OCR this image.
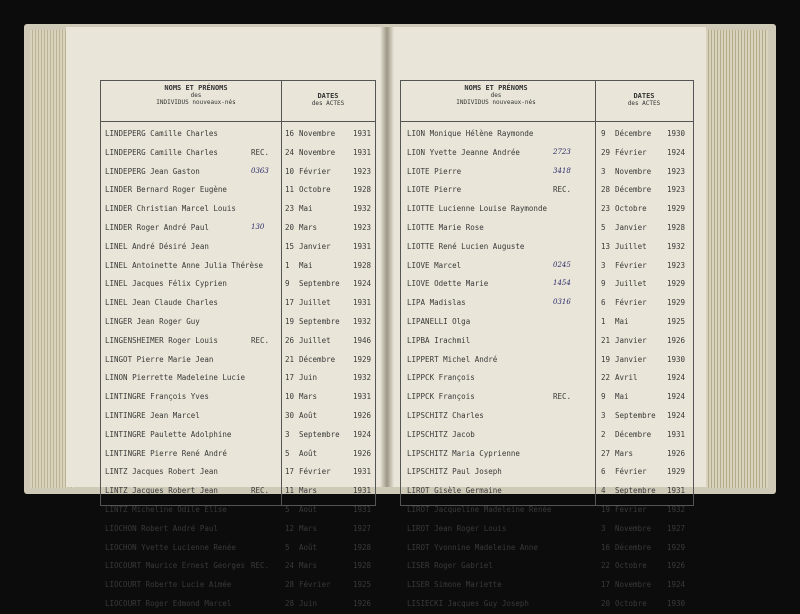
NOMS ET PRÉNOMS
des
INDIVIDUS nouveaux-nés
DATES
des ACTES
LINDEPERG Camille Charles	16 Novembre 1931
LINDEPERG Camille Charles	REC. 24 Novembre 1931
LINDEPERG Jean Gaston	0363 10 Février	1923
LINDER Bernard Roger Eugène	11 Octobre	1928
LINDER Christian Marcel Louis	23 Mai	1932
LINDER Roger André Paul	130	20 Mars	1923
LINEL André Désiré Jean	15 Janvier	1931
LINEL Antoinette Anne Julia Thérèse	1 Mai	1928
LINEL Jacques Félix Cyprien	9 Septembre 1924
LINEL Jean Claude Charles	17 Juillet	1931
LINGER Jean Roger Guy	19 Septembre 1932
LINGENSHEIMER Roger Louis	REC. 26 Juillet	1946
LINGOT Pierre Marie Jean	21 Décembre 1929
LINON Pierrette Madeleine Lucie	17 Juin	1932
LINTINGRE François Yves	10 Mars	1931
LINTINGRE Jean Marcel	30 Août	1926
LINTINGRE Paulette Adolphine	3 Septembre 1924
LINTINGRE Pierre René André	5 Août	1926
LINTZ Jacques Robert Jean	17 Février	1931
LINTZ Jacques Robert Jean	REC. 11 Mars	1931
LINTZ Micheline Odile Elise	5 Août	1931
LIOCHON Robert André Paul	12 Mars	1927
LIOCHON Yvette Lucienne Renée	5 Août	1928
LIOCOURT Maurice Ernest Georges REC. 24 Mars	1928
LIOCOURT Roberte Lucie Aimée	28 Février	1925
LIOCOURT Roger Edmond Marcel	28 Juin	1926
NOMS ET PRÉNOMS
des
INDIVIDUS nouveaux-nés
DATES
des ACTES
LION Monique Hélène Raymonde	9 Décembre 1930
LION Yvette Jeanne Andrée	2723	29 Février	1924
LIOTE Pierre	3418	3 Novembre 1923
LIOTE Pierre	REC.	28 Décembre 1923
LIOTTE Lucienne Louise Raymonde	23 Octobre	1929
LIOTTE Marie Rose	5 Janvier	1928
LIOTTE René Lucien Auguste	13 Juillet	1932
LIOVE Marcel	0245	3 Février	1923
LIOVE Odette Marie	1454	9 Juillet	1929
LIPA Madislas	0316	6 Février	1929
LIPANELLI Olga	1 Mai	1925
LIPBA Irachmil	21 Janvier	1926
LIPPERT Michel André	19 Janvier	1930
LIPPCK François	22 Avril	1924
LIPPCK François	REC.	9 Mai	1924
LIPSCHITZ Charles	3 Septembre 1924
LIPSCHITZ Jacob	2 Décembre 1931
LIPSCHITZ Maria Cyprienne	27 Mars	1926
LIPSCHITZ Paul Joseph	6 Février	1929
LIROT Gisèle Germaine	4 Septembre 1931
LIROT Jacqueline Madeleine Renée	19 Février	1932
LIROT Jean Roger Louis	3 Novembre 1927
LIROT Yvonnine Madeleine Anne	16 Décembre 1929
LISER Roger Gabriel	22 Octobre	1926
LISER Simone Mariette	17 Novembre 1924
LISIECKI Jacques Guy Joseph	20 Octobre	1930
